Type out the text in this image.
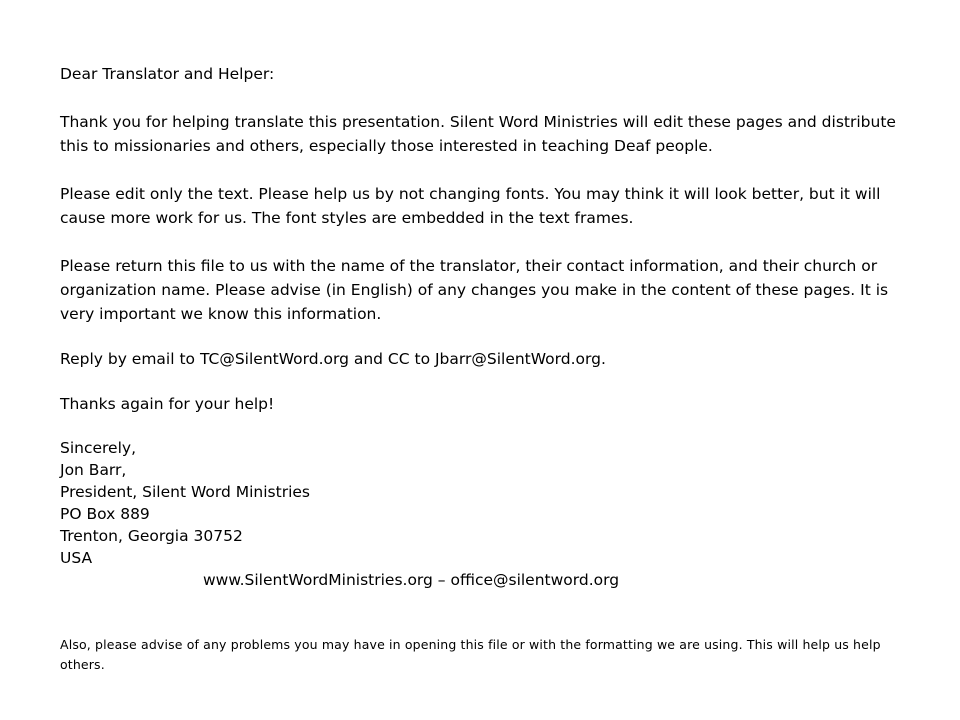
Dear Translator and Helper:

Thank you for helping translate this presentation. Silent Word Ministries will edit these pages and distribute this to missionaries and others, especially those interested in teaching Deaf people.

Please edit only the text. Please help us by not changing fonts. You may think it will look better, but it will cause more work for us. The font styles are embedded in the text frames.

Please return this file to us with the name of the translator, their contact information, and their church or organization name. Please advise (in English) of any changes you make in the content of these pages. It is very important we know this information.

Reply by email to TC@SilentWord.org and CC to Jbarr@SilentWord.org.

Thanks again for your help!

Sincerely,
Jon Barr,
President, Silent Word Ministries
PO Box 889
Trenton, Georgia 30752
USA
www.SilentWordMinistries.org – office@silentword.org

Also, please advise of any problems you may have in opening this file or with the formatting we are using. This will help us help others.
